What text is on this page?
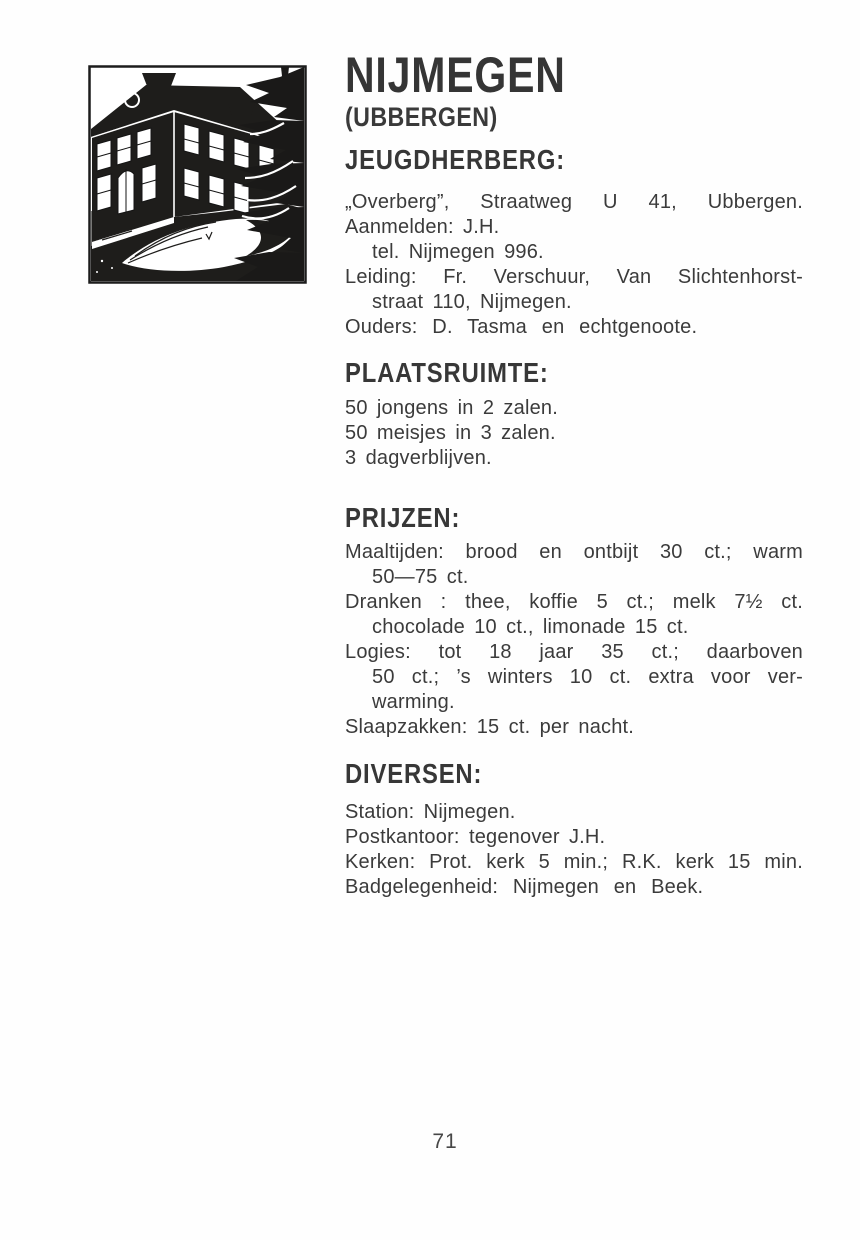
NIJMEGEN
(UBBERGEN)
JEUGDHERBERG:
„Overberg”, Straatweg U 41, Ubbergen.
Aanmelden: J.H.
tel. Nijmegen 996.
Leiding: Fr. Verschuur, Van Slichtenhorst-
straat 110, Nijmegen.
Ouders: D. Tasma en echtgenoote.
PLAATSRUIMTE:
50 jongens in 2 zalen.
50 meisjes in 3 zalen.
3 dagverblijven.
PRIJZEN:
Maaltijden: brood en ontbijt 30 ct.; warm
50—75 ct.
Dranken : thee, koffie 5 ct.; melk 7½ ct.
chocolade 10 ct., limonade 15 ct.
Logies: tot 18 jaar 35 ct.; daarboven
50 ct.; ’s winters 10 ct. extra voor ver-
warming.
Slaapzakken: 15 ct. per nacht.
DIVERSEN:
Station: Nijmegen.
Postkantoor: tegenover J.H.
Kerken: Prot. kerk 5 min.; R.K. kerk 15 min.
Badgelegenheid: Nijmegen en Beek.
71
